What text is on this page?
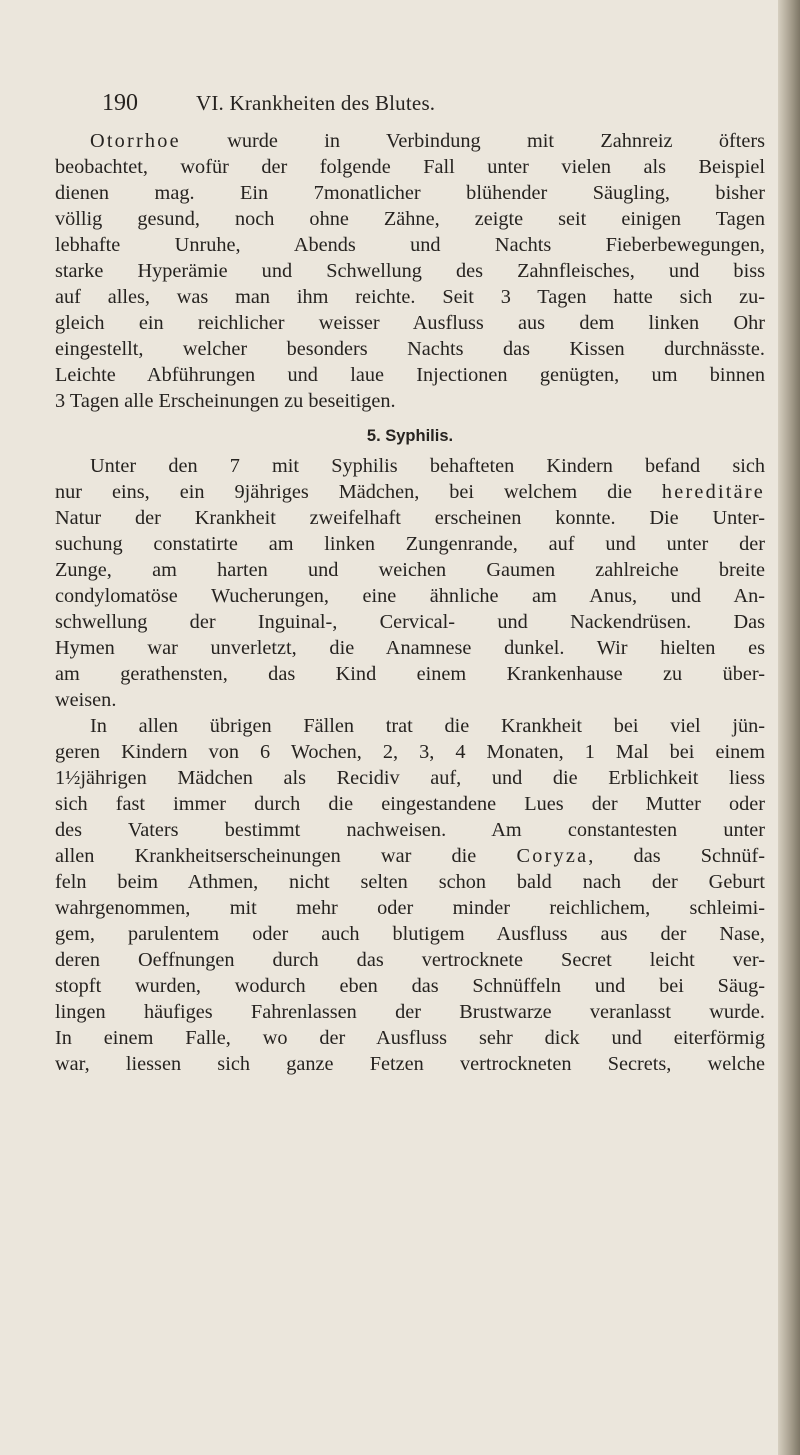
190	VI. Krankheiten des Blutes.
Otorrhoe wurde in Verbindung mit Zahnreiz öfters
beobachtet, wofür der folgende Fall unter vielen als Beispiel
dienen mag. Ein 7monatlicher blühender Säugling, bisher
völlig gesund, noch ohne Zähne, zeigte seit einigen Tagen
lebhafte Unruhe, Abends und Nachts Fieberbewegungen,
starke Hyperämie und Schwellung des Zahnfleisches, und biss
auf alles, was man ihm reichte. Seit 3 Tagen hatte sich zu-
gleich ein reichlicher weisser Ausfluss aus dem linken Ohr
eingestellt, welcher besonders Nachts das Kissen durchnässte.
Leichte Abführungen und laue Injectionen genügten, um binnen
3 Tagen alle Erscheinungen zu beseitigen.
5. Syphilis.
Unter den 7 mit Syphilis behafteten Kindern befand sich
nur eins, ein 9jähriges Mädchen, bei welchem die hereditäre
Natur der Krankheit zweifelhaft erscheinen konnte. Die Unter-
suchung constatirte am linken Zungenrande, auf und unter der
Zunge, am harten und weichen Gaumen zahlreiche breite
condylomatöse Wucherungen, eine ähnliche am Anus, und An-
schwellung der Inguinal-, Cervical- und Nackendrüsen. Das
Hymen war unverletzt, die Anamnese dunkel. Wir hielten es
am gerathensten, das Kind einem Krankenhause zu über-
weisen.
In allen übrigen Fällen trat die Krankheit bei viel jün-
geren Kindern von 6 Wochen, 2, 3, 4 Monaten, 1 Mal bei einem
1½jährigen Mädchen als Recidiv auf, und die Erblichkeit liess
sich fast immer durch die eingestandene Lues der Mutter oder
des Vaters bestimmt nachweisen. Am constantesten unter
allen Krankheitserscheinungen war die Coryza, das Schnüf-
feln beim Athmen, nicht selten schon bald nach der Geburt
wahrgenommen, mit mehr oder minder reichlichem, schleimi-
gem, parulentem oder auch blutigem Ausfluss aus der Nase,
deren Oeffnungen durch das vertrocknete Secret leicht ver-
stopft wurden, wodurch eben das Schnüffeln und bei Säug-
lingen häufiges Fahrenlassen der Brustwarze veranlasst wurde.
In einem Falle, wo der Ausfluss sehr dick und eiterförmig
war, liessen sich ganze Fetzen vertrockneten Secrets, welche
